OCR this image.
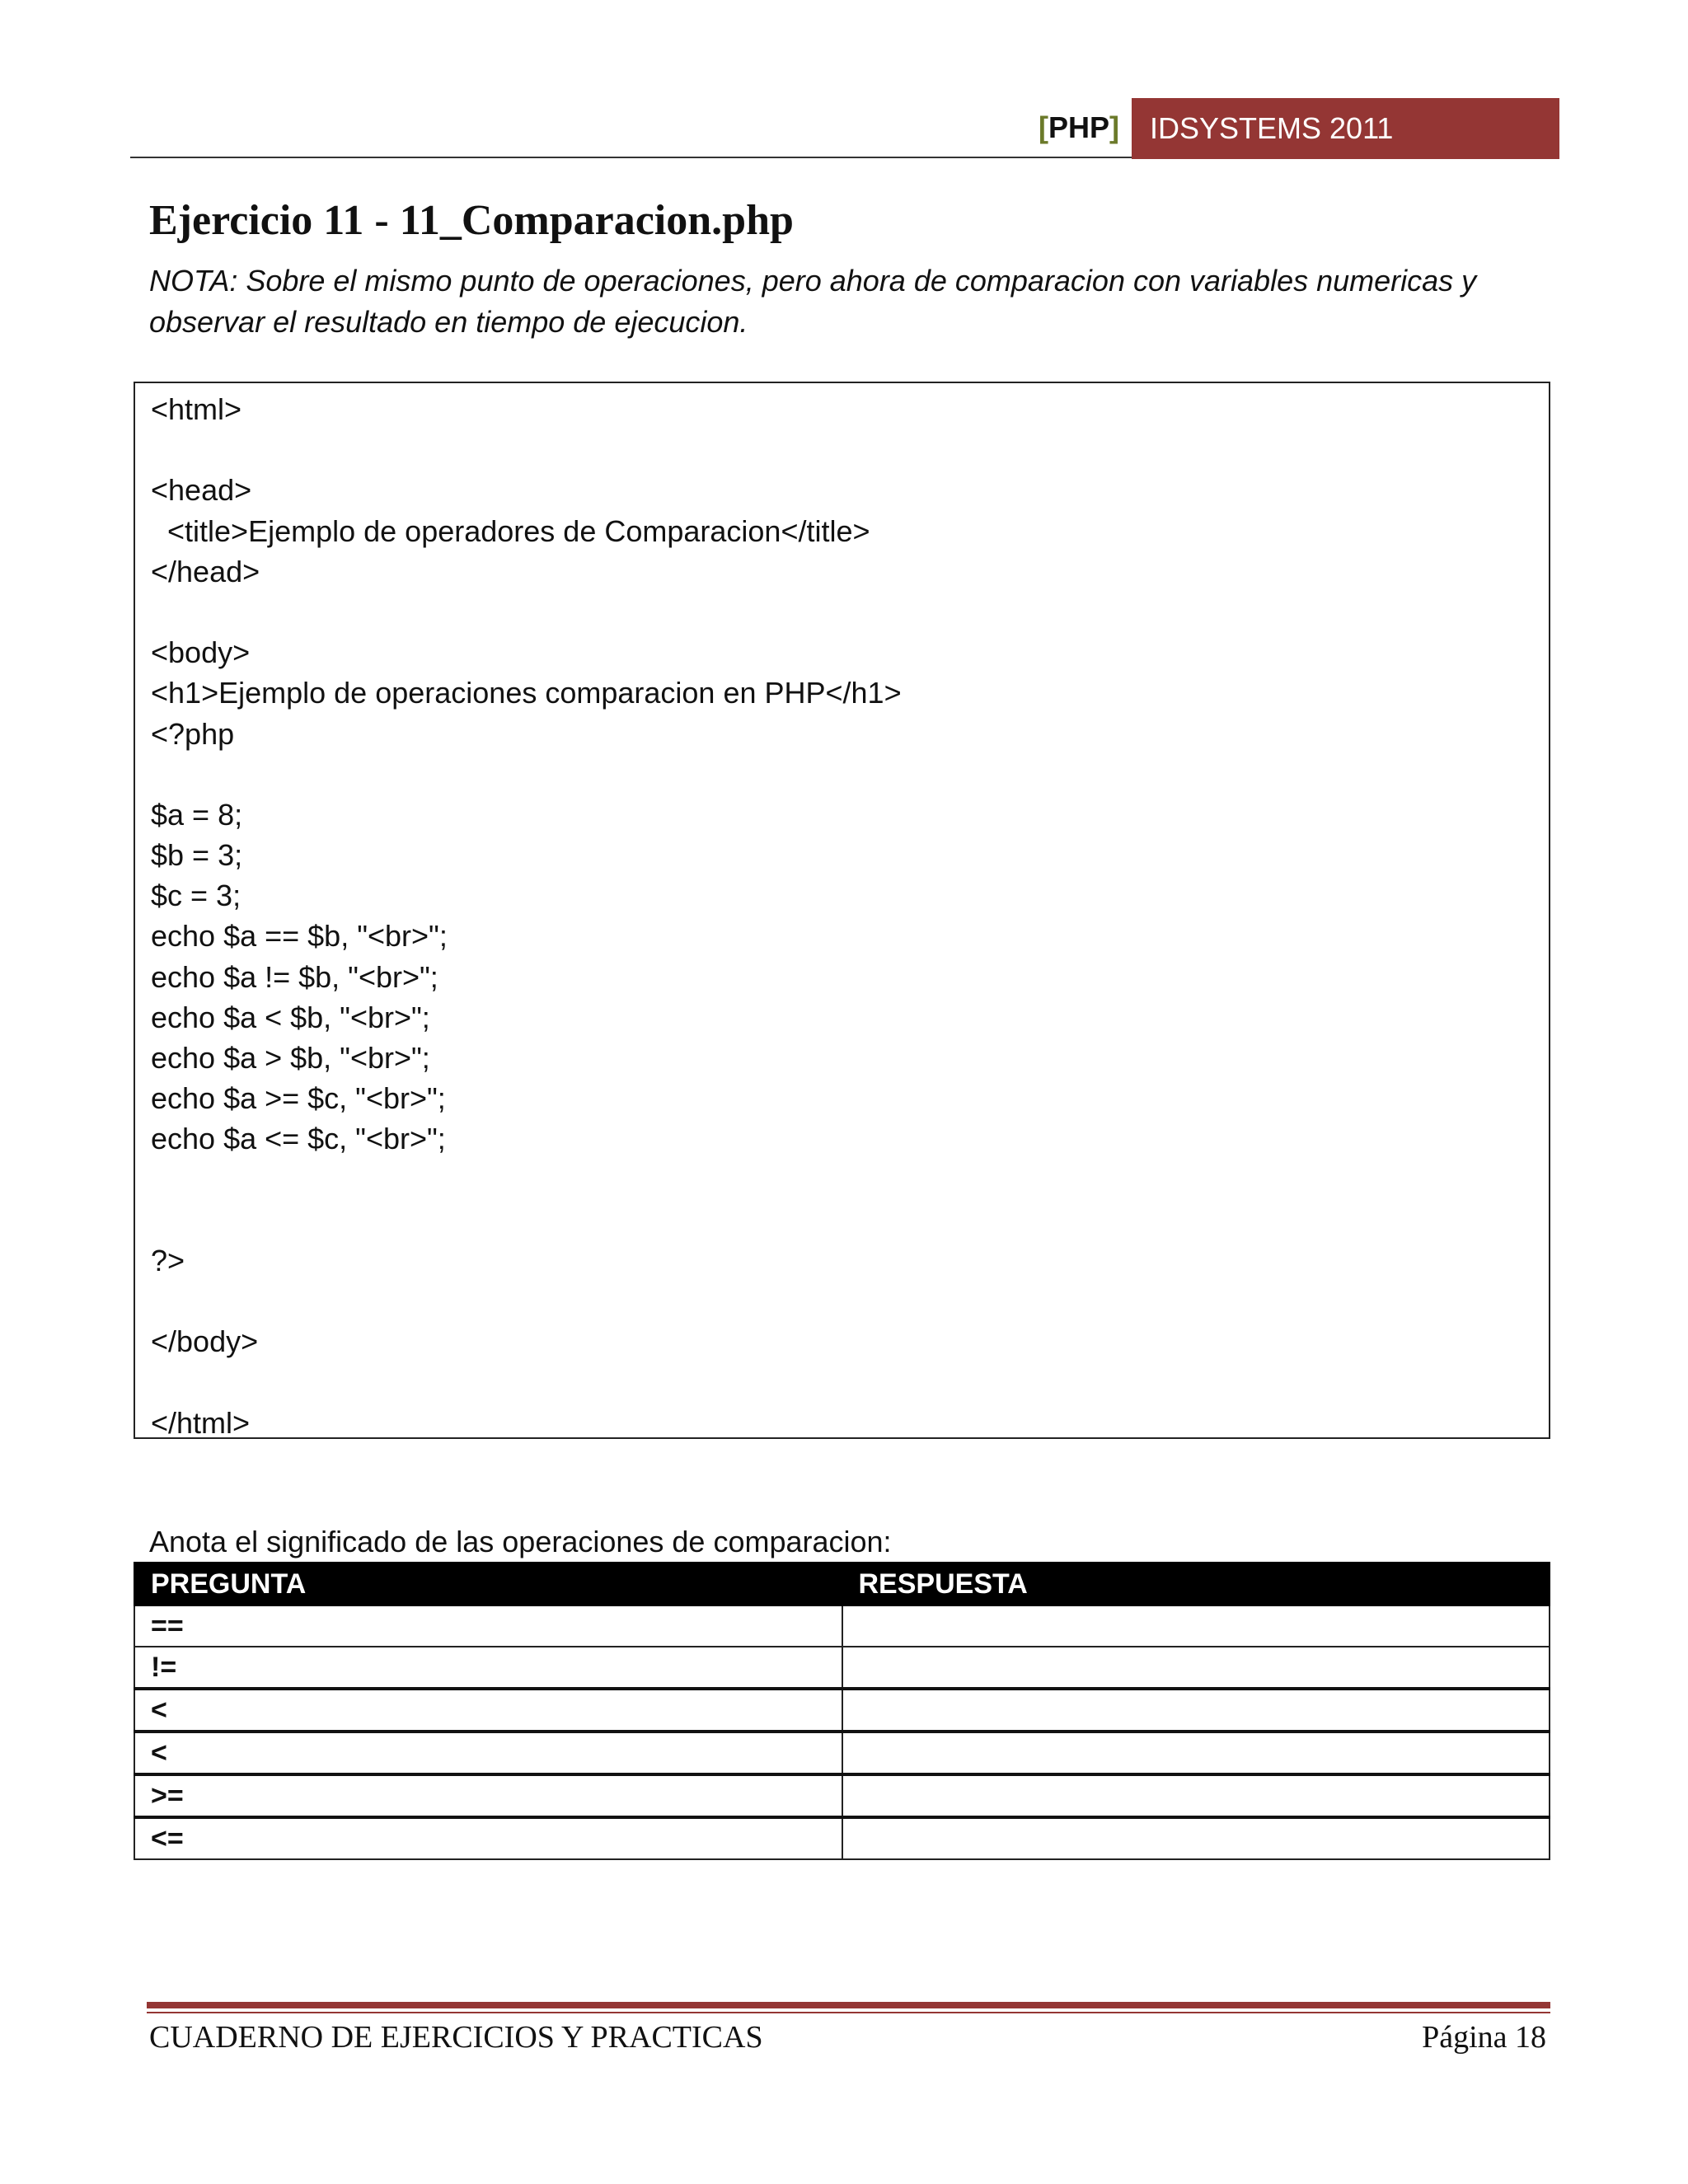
[PHP]	IDSYSTEMS 2011
Ejercicio 11 - 11_Comparacion.php
NOTA: Sobre el mismo punto de operaciones, pero ahora de comparacion con variables numericas y observar el resultado en tiempo de ejecucion.
<html>
<head>
<title>Ejemplo de operadores de Comparacion</title>
</head>
<body>
<h1>Ejemplo de operaciones comparacion en PHP</h1>
<?php
$a = 8;
$b = 3;
$c = 3;
echo $a == $b, "<br>";
echo $a != $b, "<br>";
echo $a < $b, "<br>";
echo $a > $b, "<br>";
echo $a >= $c, "<br>";
echo $a <= $c, "<br>";
?>
</body>
</html>
Anota el significado de las operaciones de comparacion:
PREGUNTA	RESPUESTA
==	
!=	
<	
<	
>=	
<=	
CUADERNO DE EJERCICIOS Y PRACTICAS	Página 18
